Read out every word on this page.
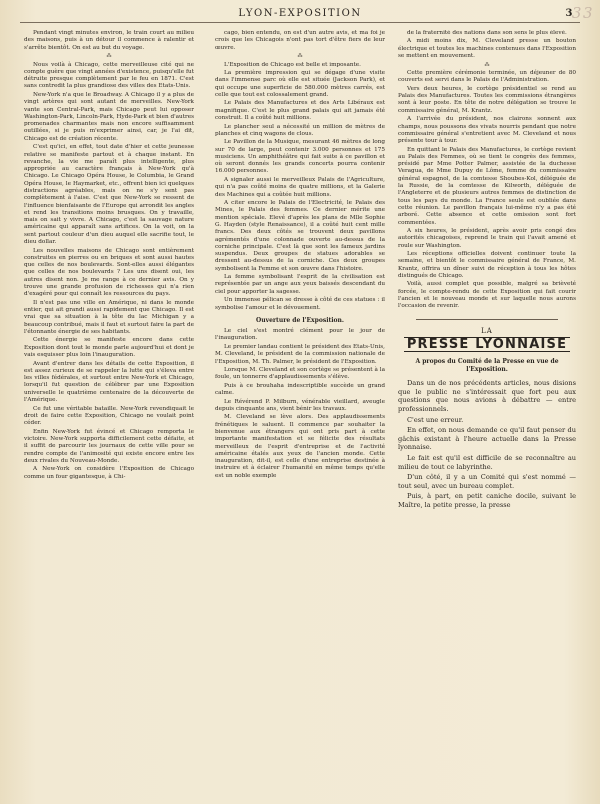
LYON-EXPOSITION	3
33

Pendant vingt minutes environ, le train court au milieu des maisons, puis à un détour il commence à ralentir et s'arrête bientôt. On est au but du voyage.

⁂

Nous voilà à Chicago, cette merveilleuse cité qui ne compte guère que vingt années d'existence, puisqu'elle fut détruite presque complètement par le feu en 1871. C'est sans contredit la plus grandiose des villes des Etats-Unis.

New-York n'a que le Broadway. A Chicago il y a plus de vingt artères qui sont autant de merveilles. New-York vante son Central-Park, mais Chicago peut lui opposer Washington-Park, Lincoln-Park, Hyde-Park et bien d'autres promenades charmantes mais non encore suffisamment outillées, si je puis m'exprimer ainsi, car, je l'ai dit, Chicago est de création récente.

C'est qu'ici, en effet, tout date d'hier et cette jeunesse relative se manifeste partout et à chaque instant. En revanche, la vie me paraît plus intelligente, plus appropriée au caractère français à New-York qu'à Chicago. Le Chicago Opéra House, le Columbia, le Grand Opéra House, le Haymarket, etc., offrent bien ici quelques distractions agréables, mais on ne s'y sent pas complètement à l'aise. C'est que New-York se ressent de l'influence bienfaisante de l'Europe qui arrondit les angles et rend les transitions moins brusques. On y travaille, mais on sait y vivre. A Chicago, c'est la sauvage nature américaine qui apparaît sans artifices. On la voit, on la sent partout couleur d'un dieu auquel elle sacrifie tout, le dieu dollar.

Les nouvelles maisons de Chicago sont entièrement construites en pierres ou en briques et sont aussi hautes que celles de nos boulevards. Sont-elles aussi élégantes que celles de nos boulevards ? Les uns disent oui, les autres disent non. Je me range à ce dernier avis. On y trouve une grande profusion de richesses qui n'a rien d'exagéré pour qui connaît les ressources du pays.

Il n'est pas une ville en Amérique, ni dans le monde entier, qui ait grandi aussi rapidement que Chicago. Il est vrai que sa situation à la tête du lac Michigan y a beaucoup contribué, mais il faut et surtout faire la part de l'étonnante énergie de ses habitants.

Cette énergie se manifeste encore dans cette Exposition dont tout le monde parle aujourd'hui et dont je vais esquisser plus loin l'inauguration.

Avant d'entrer dans les détails de cette Exposition, il est assez curieux de se rappeler la lutte qui s'éleva entre les villes fédérales, et surtout entre New-York et Chicago, lorsqu'il fut question de célébrer par une Exposition universelle le quatrième centenaire de la découverte de l'Amérique.

Ce fut une véritable bataille. New-York revendiquait le droit de faire cette Exposition, Chicago ne voulait point céder.

Enfin New-York fut évincé et Chicago remporta le victoire. New-York supporta difficilement cette défaite, et il suffit de parcourir les journaux de cette ville pour se rendre compte de l'animosité qui existe encore entre les deux rivales du Nouveau-Monde.

A New-York on considère l'Exposition de Chicago comme un four gigantesque, à Chi-

cago, bien entendu, on est d'un autre avis, et ma foi je crois que les Chicagois n'ont pas tort d'être fiers de leur œuvre.

⁂

L'Exposition de Chicago est belle et imposante.

La première impression qui se dégage d'une visite dans l'immense parc où elle est située (Jackson Park), et qui occupe une superficie de 580.000 mètres carrés, est celle que tout est colossalement grand.

Le Palais des Manufactures et des Arts Libéraux est magnifique. C'est le plus grand palais qui ait jamais été construit. Il a coûté huit millions.

Le plancher seul a nécessité un million de mètres de planches et cinq wagons de clous.

Le Pavillon de la Musique, mesurant 46 mètres de long sur 70 de large, peut contenir 3.000 personnes et 175 musiciens. Un amphithéâtre qui fait suite à ce pavillon et où seront donnés les grands concerts pourra contenir 16.000 personnes.

A signaler aussi le merveilleux Palais de l'Agriculture, qui n'a pas coûté moins de quatre millions, et la Galerie des Machines qui a coûtée huit millions.

A citer encore le Palais de l'Electricité, le Palais des Mines, le Palais des femmes. Ce dernier mérite une mention spéciale. Elevé d'après les plans de Mlle Sophie G. Hayden (style Renaissance), il a coûté huit cent mille francs. Des deux côtés se trouvent deux pavillons agrémentés d'une colonnade ouverte au-dessus de la corniche principale. C'est là que sont les fameux jardins suspendus. Deux groupes de statues adorables se dressent au-dessus de la corniche. Ces deux groupes symbolisent la Femme et son œuvre dans l'histoire.

La femme symbolisant l'esprit de la civilisation est représentée par un ange aux yeux baissés descendant du ciel pour apporter la sagesse.

Un immense pélican se dresse à côté de ces statues : il symbolise l'amour et le dévouement.

Ouverture de l'Exposition.

Le ciel s'est montré clément pour le jour de l'inauguration.

Le premier landau contient le président des Etats-Unis, M. Cleveland, le président de la commission nationale de l'Exposition, M. Th. Palmer, le président de l'Exposition.

Lorsque M. Cleveland et son cortège se présentent à la foule, un tonnerre d'applaudissements s'élève.

Puis à ce brouhaha indescriptible succède un grand calme.

Le Révérend P. Milburn, vénérable vieillard, aveugle depuis cinquante ans, vient bénir les travaux.

M. Cleveland se lève alors. Des applaudissements frénétiques le saluent. Il commence par souhaiter la bienvenue aux étrangers qui ont pris part à cette importante manifestation et se félicite des résultats merveilleux de l'esprit d'entreprise et de l'activité américaine étalés aux yeux de l'ancien monde. Cette inauguration, dit-il, est celle d'une entreprise destinée à instruire et à éclairer l'humanité en même temps qu'elle est un noble exemple

de la fraternité des nations dans son sens le plus élevé.

A midi moins dix, M. Cleveland presse un bouton électrique et toutes les machines contenues dans l'Exposition se mettent en mouvement.

⁂

Cette première cérémonie terminée, un déjeuner de 80 couverts est servi dans le Palais de l'Administration.

Vers deux heures, le cortège présidentiel se rend au Palais des Manufactures. Toutes les commissions étrangères sont à leur poste. En tête de notre délégation se trouve le commissaire général, M. Krantz.

A l'arrivée du président, nos clairons sonnent aux champs, nous poussons des vivats nourris pendant que notre commissaire général s'entretient avec M. Cleveland et nous présente tour à tour.

En quittant le Palais des Manufactures, le cortège revient au Palais des Femmes, où se tient le congrès des femmes, présidé par Mme Potter Palmer, assistée de la duchesse Veragua, de Mme Dupuy de Lôme, femme du commissaire général espagnol, de la comtesse Shoubes-Kol, déléguée de la Russie, de la comtesse de Kilworth, déléguée de l'Angleterre et de plusieurs autres femmes de distinction de tous les pays du monde. La France seule est oubliée dans cette réunion. Le pavillon français lui-même n'y a pas été arboré. Cette absence et cette omission sont fort commentées.

A six heures, le président, après avoir pris congé des autorités chicagoises, reprend le train qui l'avait amené et roule sur Washington.

Les réceptions officielles doivent continuer toute la semaine, et bientôt le commissaire général de France, M. Krantz, offrira un dîner suivi de réception à tous les hôtes distingués de Chicago.

Voilà, aussi complet que possible, malgré sa brièveté forcée, le compte-rendu de cette Exposition qui fait courir l'ancien et le nouveau monde et sur laquelle nous aurons l'occasion de revenir.

LA
PRESSE LYONNAISE
A propos du Comité de la Presse en vue de l'Exposition.

Dans un de nos précédents articles, nous disions que le public ne s'intéressait que fort peu aux questions que nous avions à débattre — entre professionnels.

C'est une erreur.

En effet, on nous demande ce qu'il faut penser du gâchis existant à l'heure actuelle dans la Presse lyonnaise.

Le fait est qu'il est difficile de se reconnaître au milieu de tout ce labyrinthe.

D'un côté, il y a un Comité qui s'est nommé — tout seul, avec un bureau complet.

Puis, à part, en petit caniche docile, suivant le Maître, la petite presse, la presse
